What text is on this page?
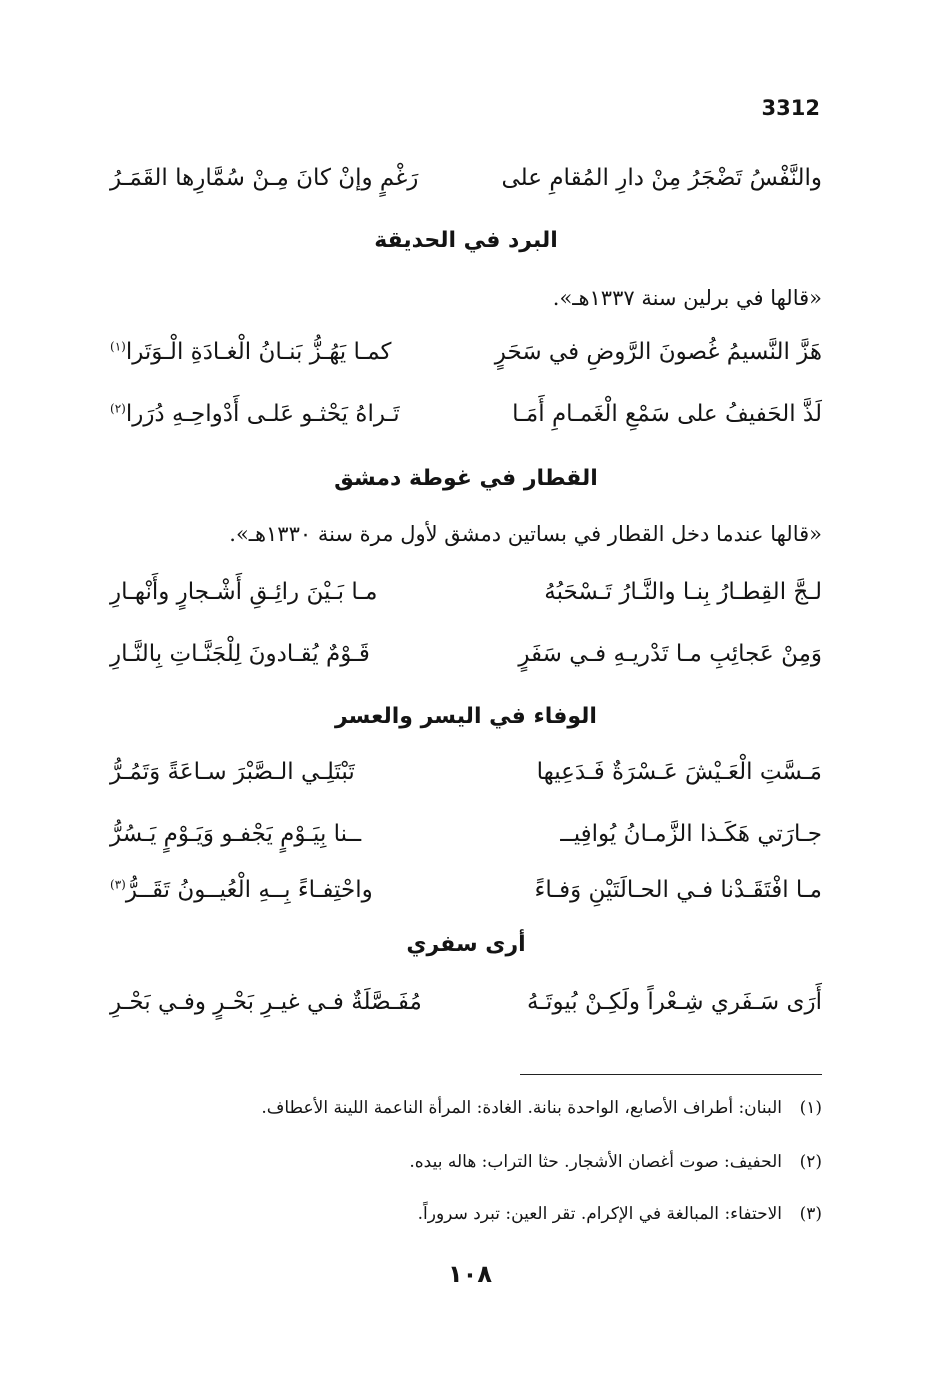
3312
والنَّفْسُ تَضْجَرُ مِنْ دارِ المُقامِ على
رَغْمٍ وإنْ كانَ مِـنْ سُمَّارِها القَمَـرُ
البرد في الحديقة
«قالها في برلين سنة ١٣٣٧هـ».
هَزَّ النَّسيمُ غُصونَ الرَّوضِ في سَحَرٍ
كمـا يَهُـزُّ بَنـانُ الْغـادَةِ الْـوَتَرا$^{(١)}$
لَذَّ الحَفيفُ على سَمْعِ الْغَمـامِ أَمَـا
تَـراهُ يَحْثـو عَلـى أَدْواحِـهِ دُرَرا$^{(٢)}$
القطار في غوطة دمشق
«قالها عندما دخل القطار في بساتين دمشق لأول مرة سنة ١٣٣٠هـ».
لـجَّ القِطـارُ بِنـا والنَّـارُ تَـسْحَبُهُ
مـا بَـيْنَ رائِـقِ أَشْـجارٍ وأَنْهـارِ
وَمِنْ عَجائِبِ مـا تَدْريـهِ فـي سَفَرٍ
قَـوْمٌ يُقـادونَ لِلْجَنَّـاتِ بِالنَّـارِ
الوفاء في اليسر والعسر
مَـسَّتِ الْعَـيْشَ عَـسْرَةٌ فَـدَعِيها
تَبْتَلِـي الـصَّبْرَ سـاعَةً وَتَمُـرُّ
جـارَتي هَكَـذا الزَّمـانُ يُوافِيــ
ــنا بِيَـوْمٍ يَجْفـو وَيَـوْمٍ يَـسُرُّ
مـا افْتَقَـدْنا فـي الحـالَتَيْنِ وَفـاءً
واحْتِفـاءً بِــهِ الْعُيــونُ تَقَــرُّ$^{(٣)}$
أرى سفري
أَرَى سَـفَري شِـعْراً ولَكِـنْ بُيوتَـهُ
مُفَـصَّلَةٌ فـي غيـرِ بَحْـرٍ وفـي بَحْـرِ
(١)البنان: أطراف الأصابع، الواحدة بنانة. الغادة: المرأة الناعمة اللينة الأعطاف.
(٢)الحفيف: صوت أغصان الأشجار. حثا التراب: هاله بيده.
(٣)الاحتفاء: المبالغة في الإكرام. تقر العين: تبرد سروراً.
١٠٨
